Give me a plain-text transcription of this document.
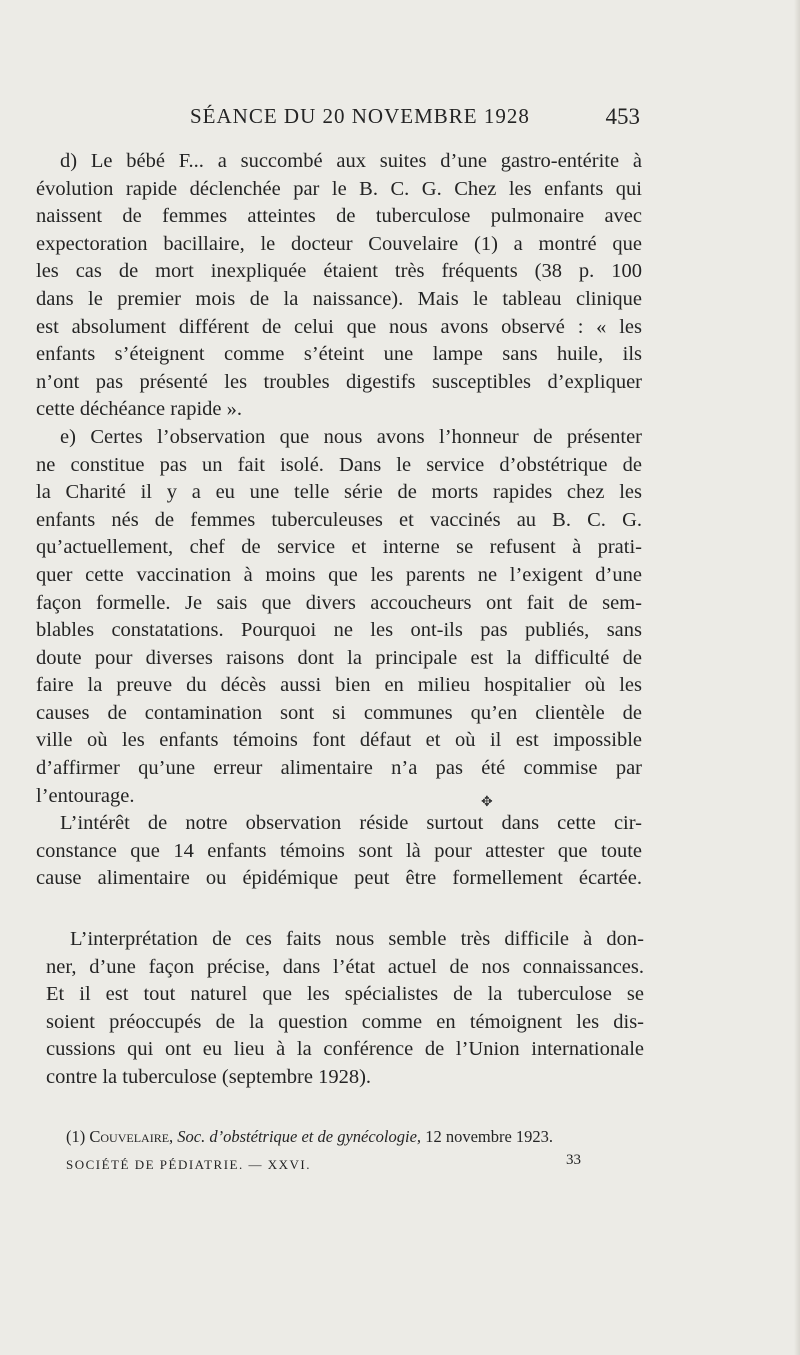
SÉANCE DU 20 NOVEMBRE 1928	453
d) Le bébé F... a succombé aux suites d’une gastro-entérite à
évolution rapide déclenchée par le B. C. G. Chez les enfants qui
naissent de femmes atteintes de tuberculose pulmonaire avec
expectoration bacillaire, le docteur Couvelaire (1) a montré que
les cas de mort inexpliquée étaient très fréquents (38 p. 100
dans le premier mois de la naissance). Mais le tableau clinique
est absolument différent de celui que nous avons observé : « les
enfants s’éteignent comme s’éteint une lampe sans huile, ils
n’ont pas présenté les troubles digestifs susceptibles d’expliquer
cette déchéance rapide ».
e) Certes l’observation que nous avons l’honneur de présenter
ne constitue pas un fait isolé. Dans le service d’obstétrique de
la Charité il y a eu une telle série de morts rapides chez les
enfants nés de femmes tuberculeuses et vaccinés au B. C. G.
qu’actuellement, chef de service et interne se refusent à prati-
quer cette vaccination à moins que les parents ne l’exigent d’une
façon formelle. Je sais que divers accoucheurs ont fait de sem-
blables constatations. Pourquoi ne les ont-ils pas publiés, sans
doute pour diverses raisons dont la principale est la difficulté de
faire la preuve du décès aussi bien en milieu hospitalier où les
causes de contamination sont si communes qu’en clientèle de
ville où les enfants témoins font défaut et où il est impossible
d’affirmer qu’une erreur alimentaire n’a pas été commise par
l’entourage.
L’intérêt de notre observation réside surtout dans cette cir-
constance que 14 enfants témoins sont là pour attester que toute
cause alimentaire ou épidémique peut être formellement écartée.
✥
L’interprétation de ces faits nous semble très difficile à don-
ner, d’une façon précise, dans l’état actuel de nos connaissances.
Et il est tout naturel que les spécialistes de la tuberculose se
soient préoccupés de la question comme en témoignent les dis-
cussions qui ont eu lieu à la conférence de l’Union internationale
contre la tuberculose (septembre 1928).
(1) Couvelaire, Soc. d’obstétrique et de gynécologie, 12 novembre 1923.
SOCIÉTÉ DE PÉDIATRIE. — XXVI.	33
